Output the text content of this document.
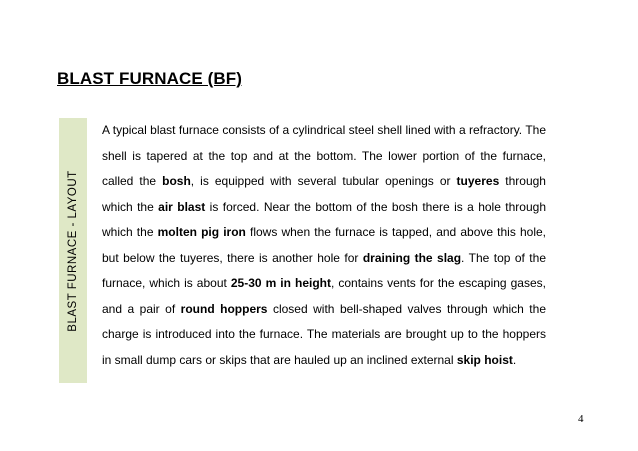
BLAST FURNACE (BF)
BLAST FURNACE - LAYOUT

A typical blast furnace consists of a cylindrical steel shell lined with a refractory. The shell is tapered at the top and at the bottom. The lower portion of the furnace, called the bosh, is equipped with several tubular openings or tuyeres through which the air blast is forced. Near the bottom of the bosh there is a hole through which the molten pig iron flows when the furnace is tapped, and above this hole, but below the tuyeres, there is another hole for draining the slag. The top of the furnace, which is about 25-30 m in height, contains vents for the escaping gases, and a pair of round hoppers closed with bell-shaped valves through which the charge is introduced into the furnace. The materials are brought up to the hoppers in small dump cars or skips that are hauled up an inclined external skip hoist.

4
